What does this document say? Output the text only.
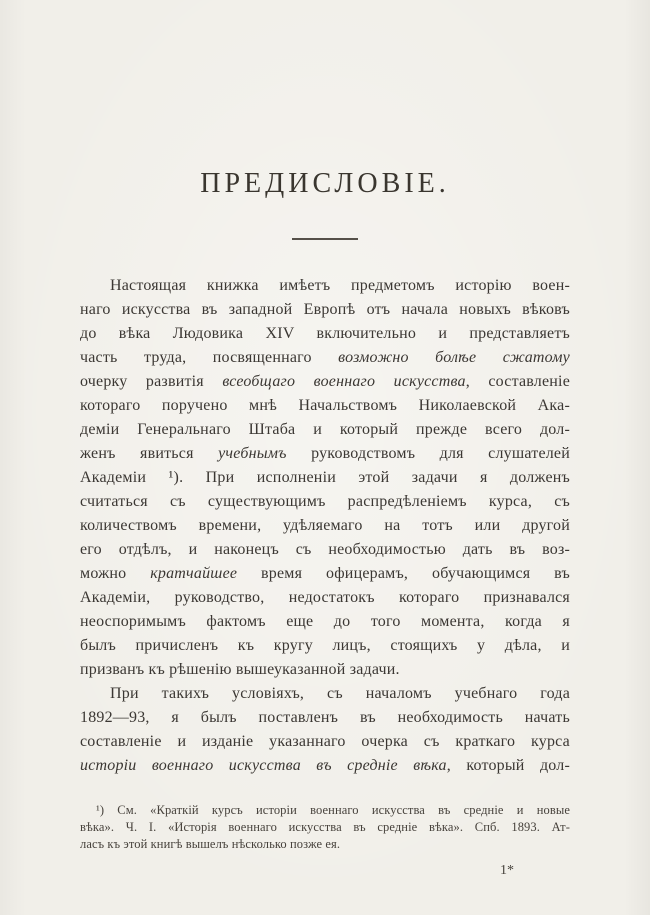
ПРЕДИСЛОВІЕ.
Настоящая книжка имѣетъ предметомъ исторію воен-
наго искусства въ западной Европѣ отъ начала новыхъ вѣковъ
до вѣка Людовика XIV включительно и представляетъ
часть труда, посвященнаго возможно болѣе сжатому
очерку развитія всеобщаго военнаго искусства, составленіе
котораго поручено мнѣ Начальствомъ Николаевской Ака-
деміи Генеральнаго Штаба и который прежде всего дол-
женъ явиться учебнымъ руководствомъ для слушателей
Академіи ¹). При исполненіи этой задачи я долженъ
считаться съ существующимъ распредѣленіемъ курса, съ
количествомъ времени, удѣляемаго на тотъ или другой
его отдѣлъ, и наконецъ съ необходимостью дать въ воз-
можно кратчайшее время офицерамъ, обучающимся въ
Академіи, руководство, недостатокъ котораго признавался
неоспоримымъ фактомъ еще до того момента, когда я
былъ причисленъ къ кругу лицъ, стоящихъ у дѣла, и
призванъ къ рѣшенію вышеуказанной задачи.
При такихъ условіяхъ, съ началомъ учебнаго года
1892—93, я былъ поставленъ въ необходимость начать
составленіе и изданіе указаннаго очерка съ краткаго курса
исторіи военнаго искусства въ средніе вѣка, который дол-
¹) См. «Краткій курсъ исторіи военнаго искусства въ средніе и новые
вѣка». Ч. І. «Исторія военнаго искусства въ средніе вѣка». Спб. 1893. Ат-
ласъ къ этой книгѣ вышелъ нѣсколько позже ея.
1*
